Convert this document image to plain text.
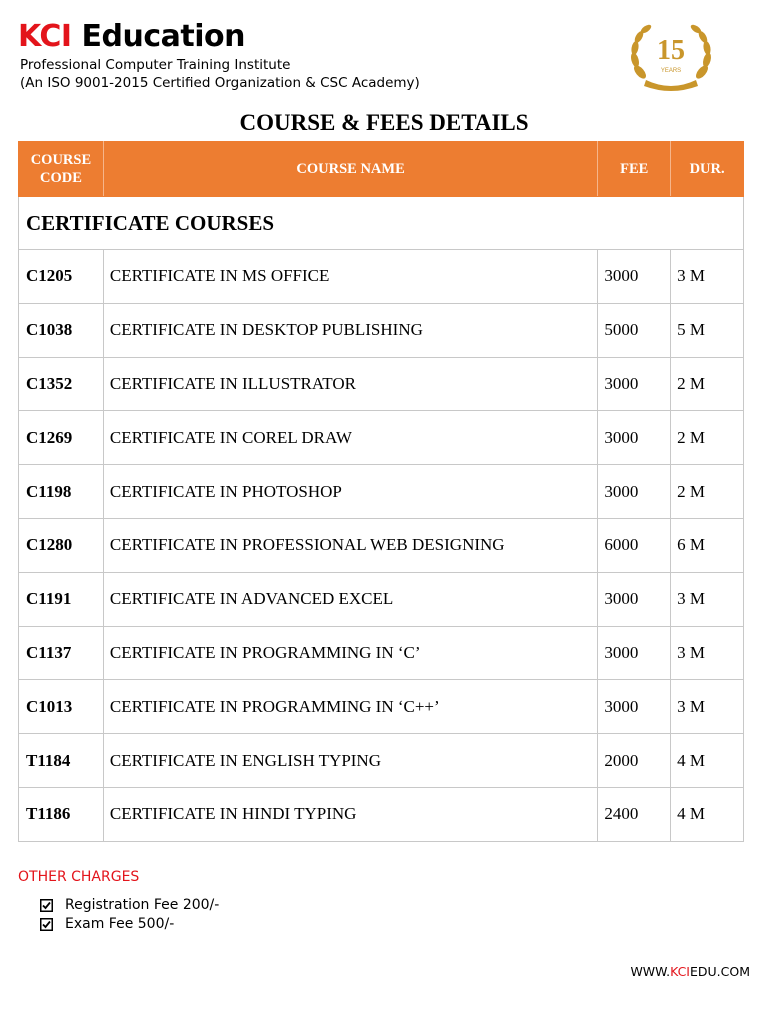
KCI Education
Professional Computer Training Institute
(An ISO 9001-2015 Certified Organization & CSC Academy)
15
YEARS
COURSE & FEES DETAILS
COURSE
CODE	COURSE NAME	FEE	DUR.
CERTIFICATE COURSES			
C1205	CERTIFICATE IN MS OFFICE	3000	3 M
C1038	CERTIFICATE IN DESKTOP PUBLISHING	5000	5 M
C1352	CERTIFICATE IN ILLUSTRATOR	3000	2 M
C1269	CERTIFICATE IN COREL DRAW	3000	2 M
C1198	CERTIFICATE IN PHOTOSHOP	3000	2 M
C1280	CERTIFICATE IN PROFESSIONAL WEB DESIGNING	6000	6 M
C1191	CERTIFICATE IN ADVANCED EXCEL	3000	3 M
C1137	CERTIFICATE IN PROGRAMMING IN ‘C’	3000	3 M
C1013	CERTIFICATE IN PROGRAMMING IN ‘C++’	3000	3 M
T1184	CERTIFICATE IN ENGLISH TYPING	2000	4 M
T1186	CERTIFICATE IN HINDI TYPING	2400	4 M
OTHER CHARGES
Registration Fee 200/-
Exam Fee 500/-
WWW.KCIEDU.COM
